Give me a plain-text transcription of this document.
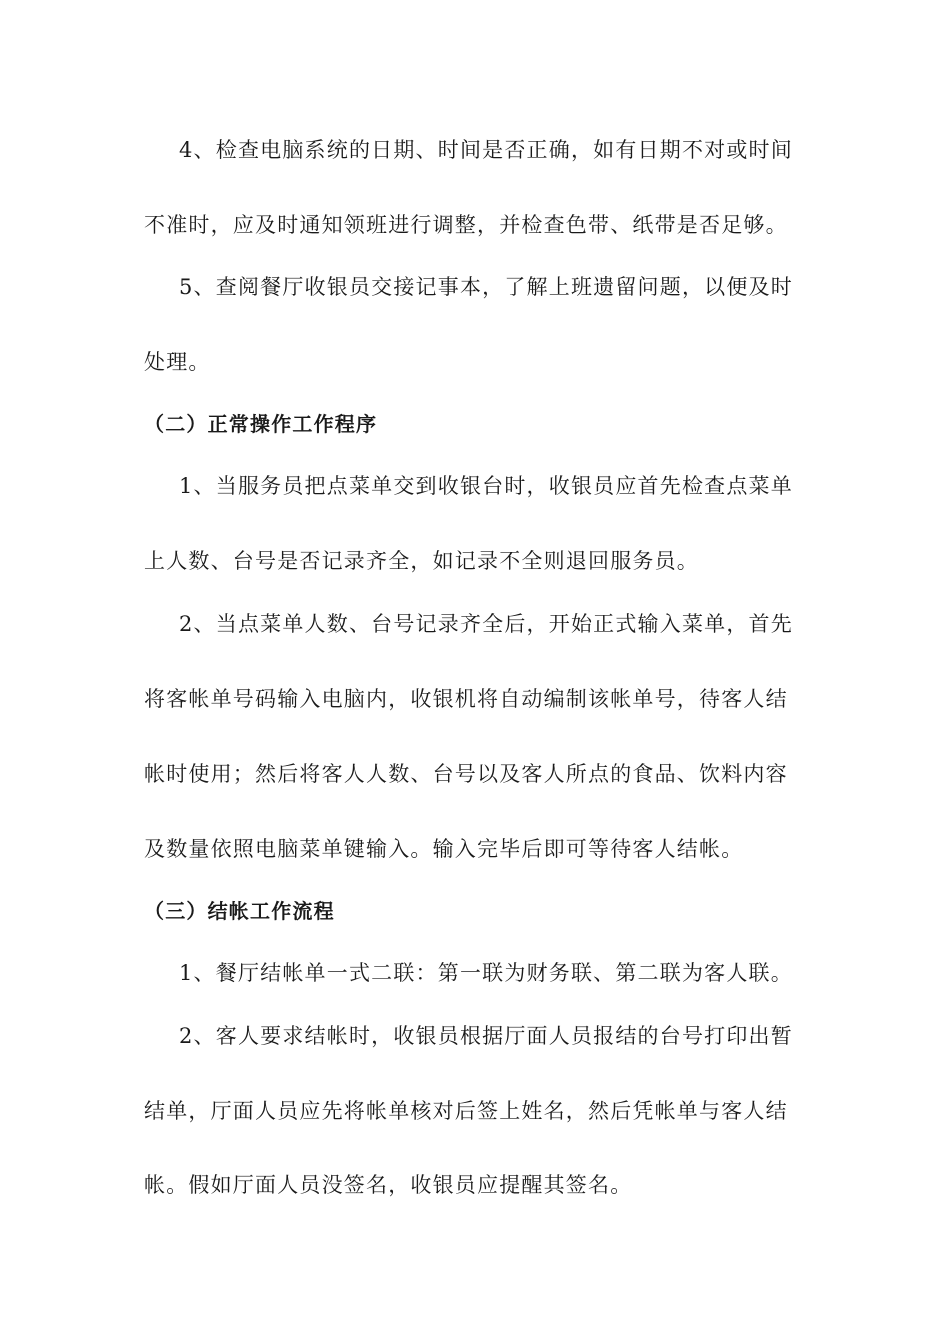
4、检查电脑系统的日期、时间是否正确，如有日期不对或时间
不准时，应及时通知领班进行调整，并检查色带、纸带是否足够。
5、查阅餐厅收银员交接记事本，了解上班遗留问题，以便及时
处理。
（二）正常操作工作程序
1、当服务员把点菜单交到收银台时，收银员应首先检查点菜单
上人数、台号是否记录齐全，如记录不全则退回服务员。
2、当点菜单人数、台号记录齐全后，开始正式输入菜单，首先
将客帐单号码输入电脑内，收银机将自动编制该帐单号，待客人结
帐时使用；然后将客人人数、台号以及客人所点的食品、饮料内容
及数量依照电脑菜单键输入。输入完毕后即可等待客人结帐。
（三）结帐工作流程
1、餐厅结帐单一式二联：第一联为财务联、第二联为客人联。
2、客人要求结帐时，收银员根据厅面人员报结的台号打印出暂
结单，厅面人员应先将帐单核对后签上姓名，然后凭帐单与客人结
帐。假如厅面人员没签名，收银员应提醒其签名。
